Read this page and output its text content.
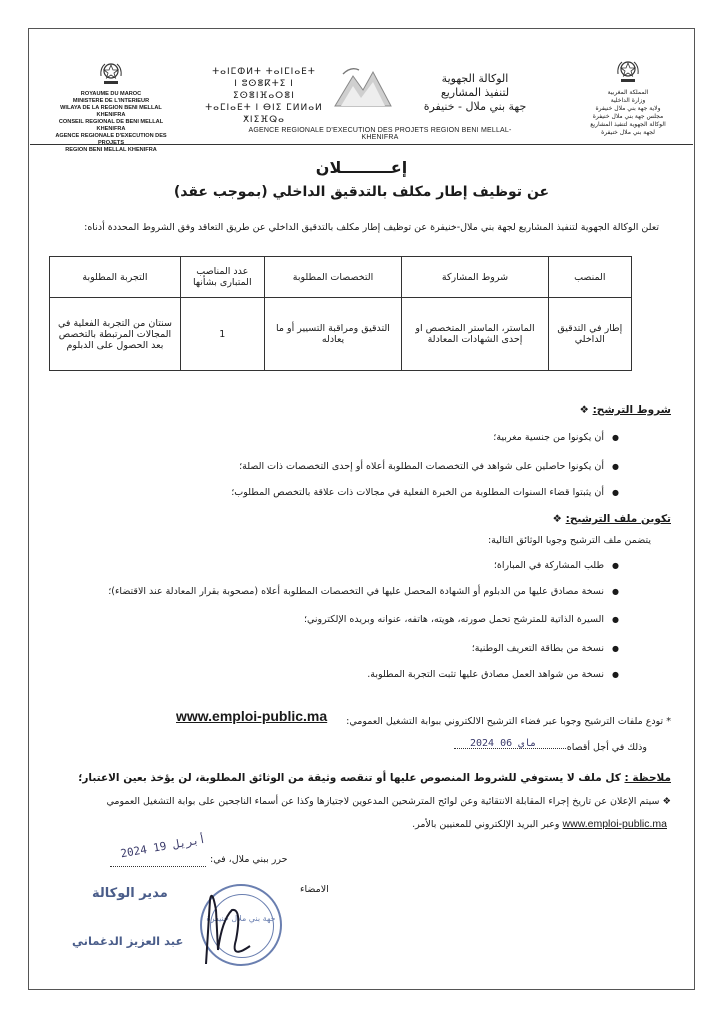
ROYAUME DU MAROC
MINISTERE DE L'INTERIEUR
WILAYA DE LA REGION BENI MELLAL KHENIFRA
CONSEIL REGIONAL DE BENI MELLAL KHENIFRA
AGENCE REGIONALE D'EXECUTION DES PROJETS
REGION BENI MELLAL KHENIFRA
ⵜⴰⵏⵎⵀⵍⵜ ⵜⴰⵏⵎⵏⴰⴹⵜ
ⵏ ⵓⵙⴻⴽⵜⵉ ⵏ ⵉⵙⴻⵏⴼⴰⵔⴻⵏ
ⵜⴰⵎⵏⴰⴹⵜ ⵏ ⴱⵏⵉ ⵎⵍⵍⴰⵍ ⵅⵏⵉⴼⵕⴰ
الوكالة الجهوية
لتنفيذ المشاريع
جهة بني ملال - خنيفرة
AGENCE REGIONALE D'EXECUTION DES PROJETS REGION BENI MELLAL-KHENIFRA
المملكة المغربية
وزارة الداخلية
ولاية جهة بني ملال خنيفرة
مجلس جهة بني ملال خنيفرة
الوكالة الجهوية لتنفيذ المشاريع
لجهة بني ملال خنيفرة
إعـــــــــلان
عن توظيف إطار مكلف بالتدقيق الداخلي (بموجب عقد)
تعلن الوكالة الجهوية لتنفيذ المشاريع لجهة بني ملال-خنيفرة عن توظيف إطار مكلف بالتدقيق الداخلي عن طريق التعاقد وفق الشروط المحددة أدناه:
المنصب	شروط المشاركة	التخصصات المطلوبة	عدد المناصب المتبارى بشأنها	التجربة المطلوبة
إطار في التدقيق الداخلي	الماستر، الماستر المتخصص او إحدى الشهادات المعادلة	التدقيق ومراقبة التسيير أو ما يعادله	1	سنتان من التجربة الفعلية في المجالات المرتبطة بالتخصص بعد الحصول على الدبلوم
شروط الترشح: ❖
● أن يكونوا من جنسية مغربية؛
● أن يكونوا حاصلين على شواهد في التخصصات المطلوبة أعلاه أو إحدى التخصصات ذات الصلة؛
● أن يثبتوا قضاء السنوات المطلوبة من الخبرة الفعلية في مجالات ذات علاقة بالتخصص المطلوب؛
تكوين ملف الترشيح: ❖
يتضمن ملف الترشيح وجوبا الوثائق التالية:
● طلب المشاركة في المباراة؛
● نسخة مصادق عليها من الدبلوم أو الشهادة المحصل عليها في التخصصات المطلوبة أعلاه (مصحوبة بقرار المعادلة عند الاقتضاء)؛
● السيرة الذاتية للمترشح تحمل صورته، هويته، هاتفه، عنوانه وبريده الإلكتروني؛
● نسخة من بطاقة التعريف الوطنية؛
● نسخة من شواهد العمل مصادق عليها تثبت التجربة المطلوبة.
* تودع ملفات الترشيح وجوبا عبر فضاء الترشيح الالكتروني ببوابة التشغيل العمومي:
www.emploi-public.ma
وذلك في أجل أقصاه
2024 ماي 06
ملاحظة : كل ملف لا يستوفي للشروط المنصوص عليها أو تنقصه وثيقة من الوثائق المطلوبة، لن يؤخذ بعين الاعتبار؛
❖ سيتم الإعلان عن تاريخ إجراء المقابلة الانتقائية وعن لوائح المترشحين المدعوين لاجتيازها وكذا عن أسماء الناجحين على بوابة التشغيل العمومي
www.emploi-public.ma وعبر البريد الإلكتروني للمعنيين بالأمر.
حرر ببني ملال، في:
2024 أبريل 19
الامضاء
جهة بني ملال خنيفرة
مدير الوكالة
عبد العزيز الدغماني
